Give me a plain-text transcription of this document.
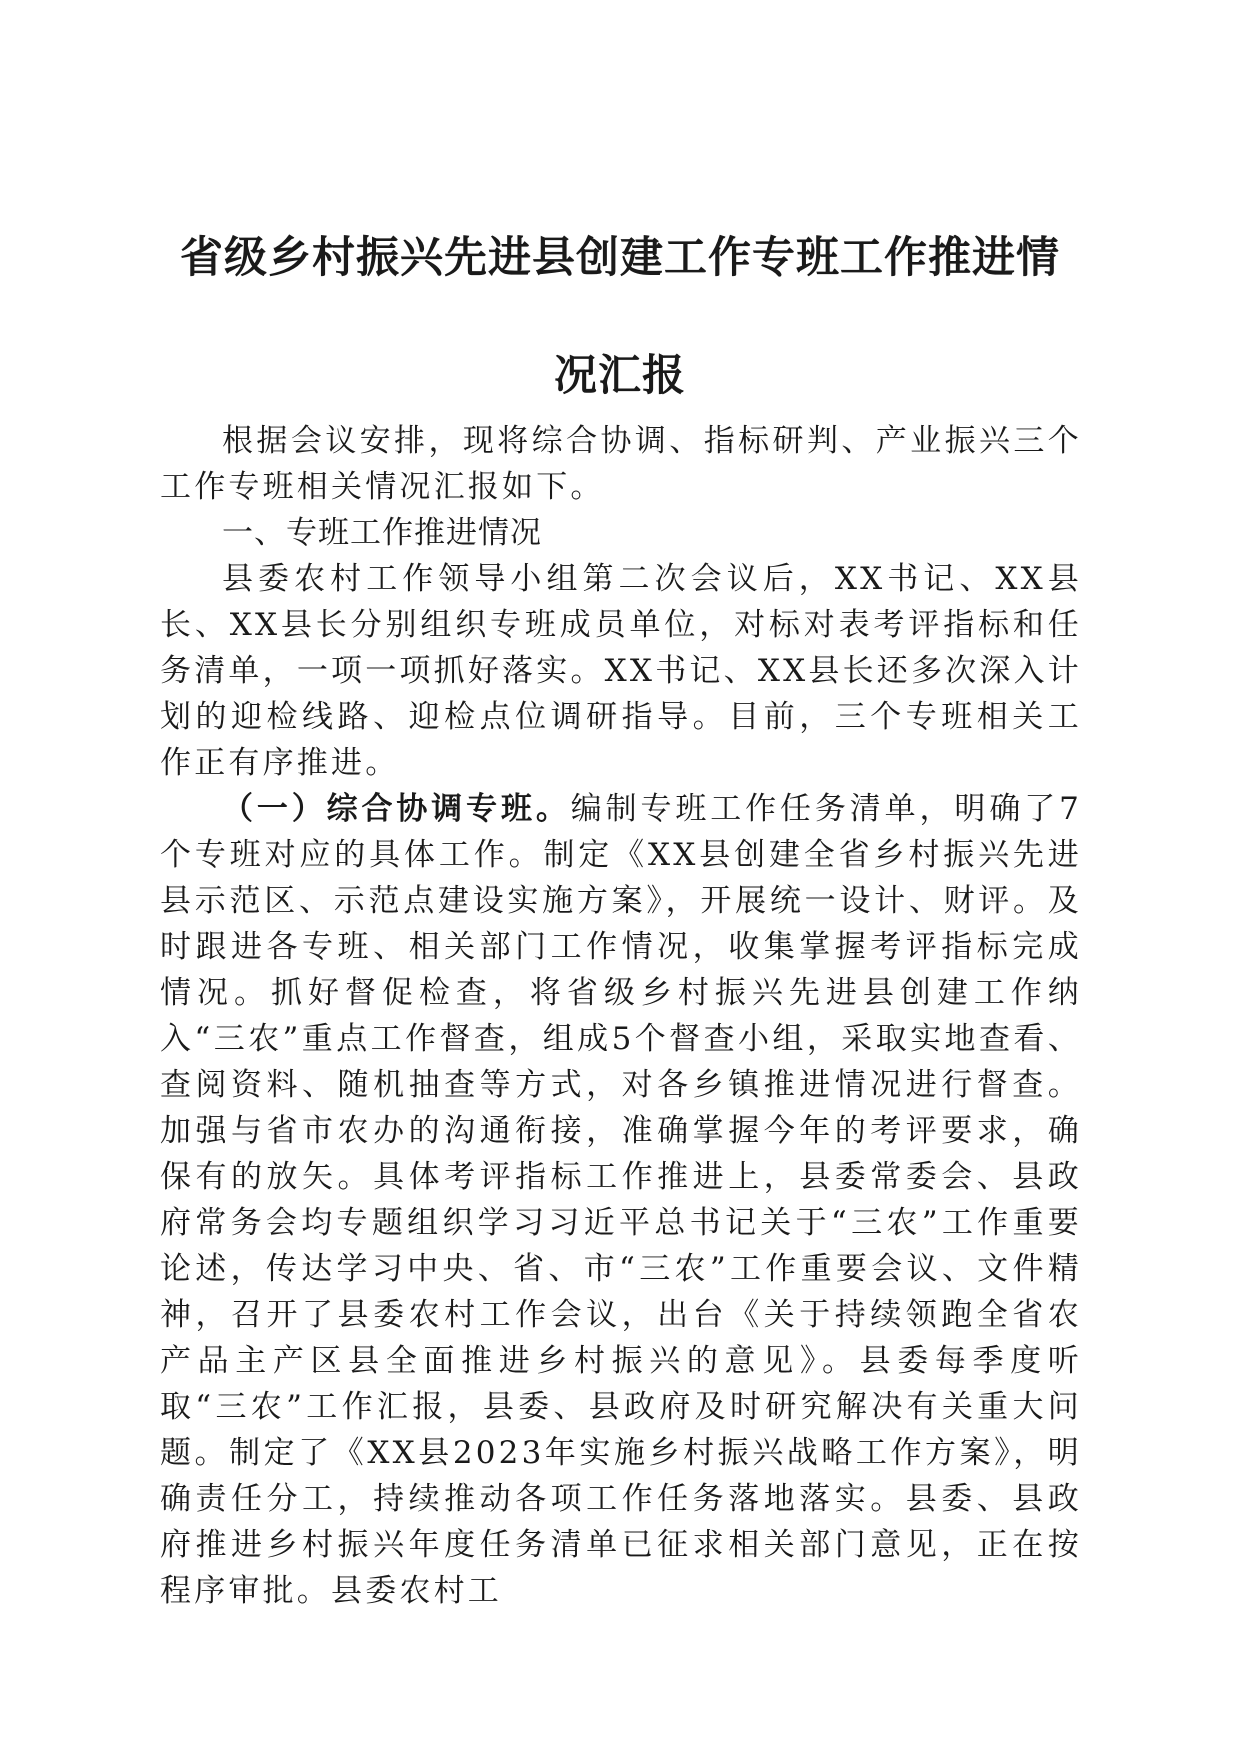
省级乡村振兴先进县创建工作专班工作推进情
况汇报

根据会议安排，现将综合协调、指标研判、产业振兴三个工作专班相关情况汇报如下。

一、专班工作推进情况

县委农村工作领导小组第二次会议后，XX书记、XX县长、XX县长分别组织专班成员单位，对标对表考评指标和任务清单，一项一项抓好落实。XX书记、XX县长还多次深入计划的迎检线路、迎检点位调研指导。目前，三个专班相关工作正有序推进。

（一）综合协调专班。编制专班工作任务清单，明确了7个专班对应的具体工作。制定《XX县创建全省乡村振兴先进县示范区、示范点建设实施方案》，开展统一设计、财评。及时跟进各专班、相关部门工作情况，收集掌握考评指标完成情况。抓好督促检查，将省级乡村振兴先进县创建工作纳入“三农”重点工作督查，组成5个督查小组，采取实地查看、查阅资料、随机抽查等方式，对各乡镇推进情况进行督查。加强与省市农办的沟通衔接，准确掌握今年的考评要求，确保有的放矢。具体考评指标工作推进上，县委常委会、县政府常务会均专题组织学习习近平总书记关于“三农”工作重要论述，传达学习中央、省、市“三农”工作重要会议、文件精神，召开了县委农村工作会议，出台《关于持续领跑全省农产品主产区县全面推进乡村振兴的意见》。县委每季度听取“三农”工作汇报，县委、县政府及时研究解决有关重大问题。制定了《XX县2023年实施乡村振兴战略工作方案》，明确责任分工，持续推动各项工作任务落地落实。县委、县政府推进乡村振兴年度任务清单已征求相关部门意见，正在按程序审批。县委农村工
